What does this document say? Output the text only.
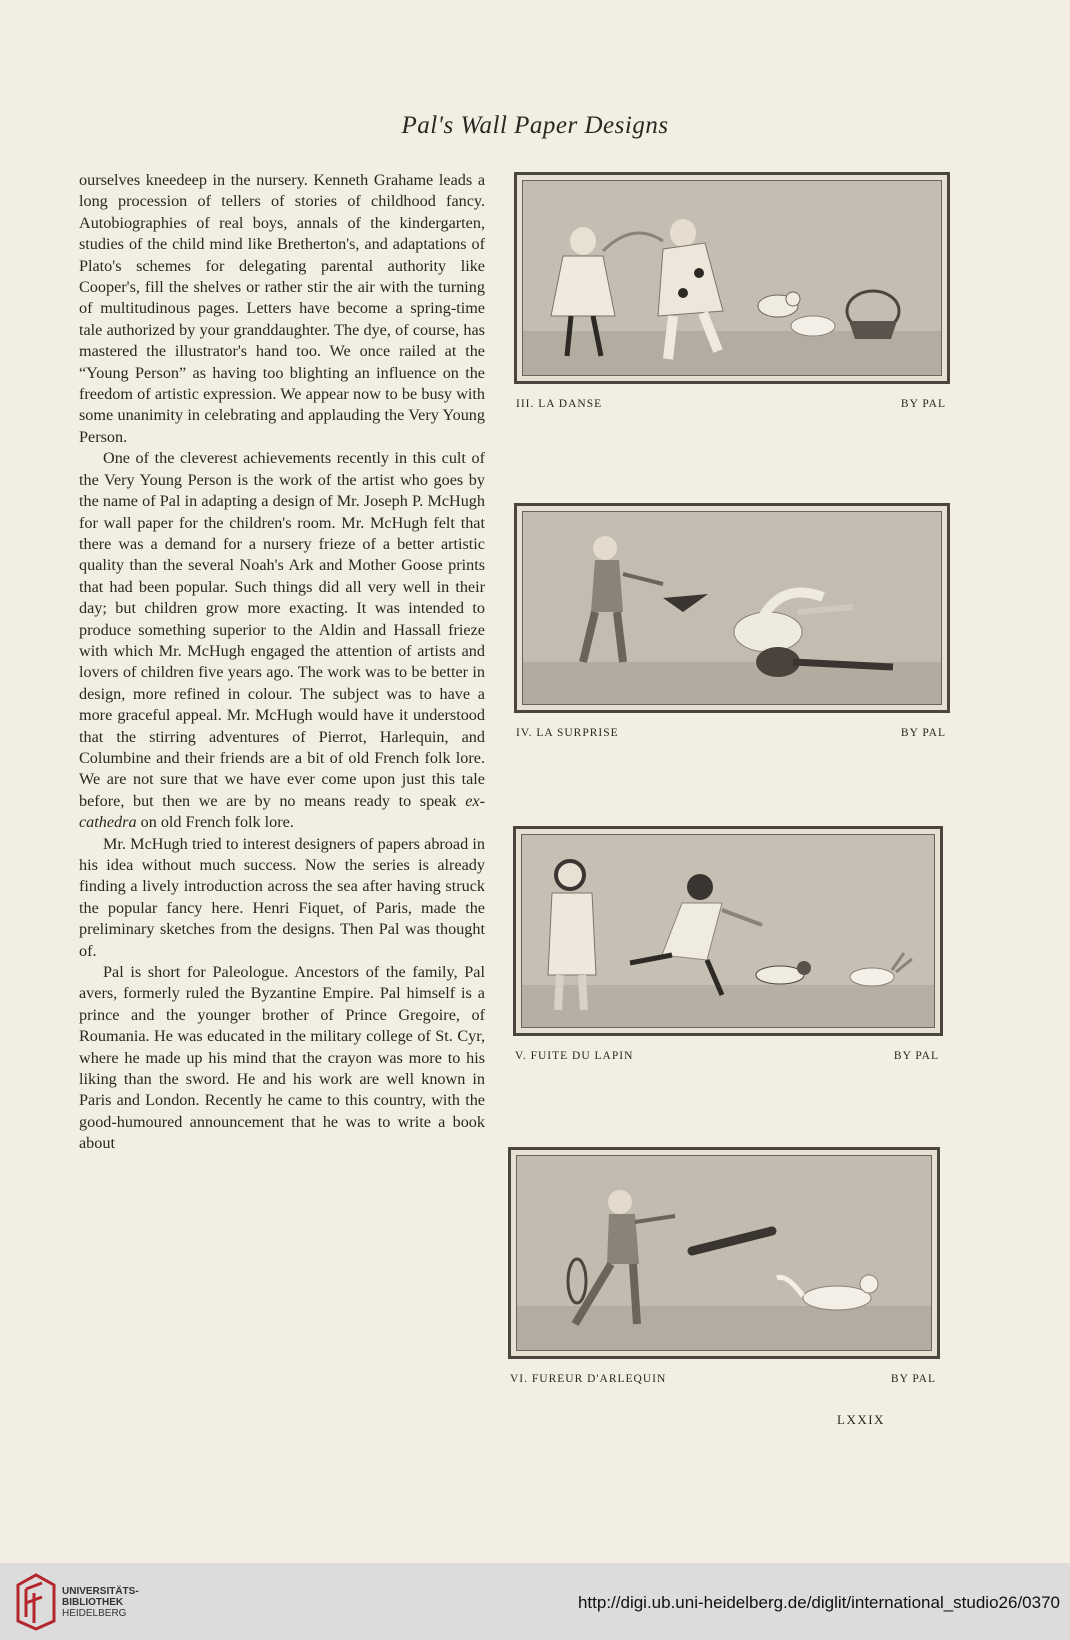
Pal's Wall Paper Designs

ourselves kneedeep in the nursery. Kenneth Grahame leads a long procession of tellers of stories of childhood fancy. Autobiographies of real boys, annals of the kindergarten, studies of the child mind like Bretherton's, and adaptations of Plato's schemes for delegating parental authority like Cooper's, fill the shelves or rather stir the air with the turning of multitudinous pages. Letters have become a spring-time tale authorized by your granddaughter. The dye, of course, has mastered the illustrator's hand too. We once railed at the “Young Person” as having too blighting an influence on the freedom of artistic expression. We appear now to be busy with some unanimity in celebrating and applauding the Very Young Person.

One of the cleverest achievements recently in this cult of the Very Young Person is the work of the artist who goes by the name of Pal in adapting a design of Mr. Joseph P. McHugh for wall paper for the children's room. Mr. McHugh felt that there was a demand for a nursery frieze of a better artistic quality than the several Noah's Ark and Mother Goose prints that had been popular. Such things did all very well in their day; but children grow more exacting. It was intended to produce something superior to the Aldin and Hassall frieze with which Mr. McHugh engaged the attention of artists and lovers of children five years ago. The work was to be better in design, more refined in colour. The subject was to have a more graceful appeal. Mr. McHugh would have it understood that the stirring adventures of Pierrot, Harlequin, and Columbine and their friends are a bit of old French folk lore. We are not sure that we have ever come upon just this tale before, but then we are by no means ready to speak ex-cathedra on old French folk lore.

Mr. McHugh tried to interest designers of papers abroad in his idea without much success. Now the series is already finding a lively introduction across the sea after having struck the popular fancy here. Henri Fiquet, of Paris, made the preliminary sketches from the designs. Then Pal was thought of.

Pal is short for Paleologue. Ancestors of the family, Pal avers, formerly ruled the Byzantine Empire. Pal himself is a prince and the younger brother of Prince Gregoire, of Roumania. He was educated in the military college of St. Cyr, where he made up his mind that the crayon was more to his liking than the sword. He and his work are well known in Paris and London. Recently he came to this country, with the good-humoured announcement that he was to write a book about

III. LA DANSE	BY PAL
IV. LA SURPRISE	BY PAL
V. FUITE DU LAPIN	BY PAL
VI. FUREUR D'ARLEQUIN	BY PAL
LXXIX
UNIVERSITÄTS-
BIBLIOTHEK
HEIDELBERG
http://digi.ub.uni-heidelberg.de/diglit/international_studio26/0370
